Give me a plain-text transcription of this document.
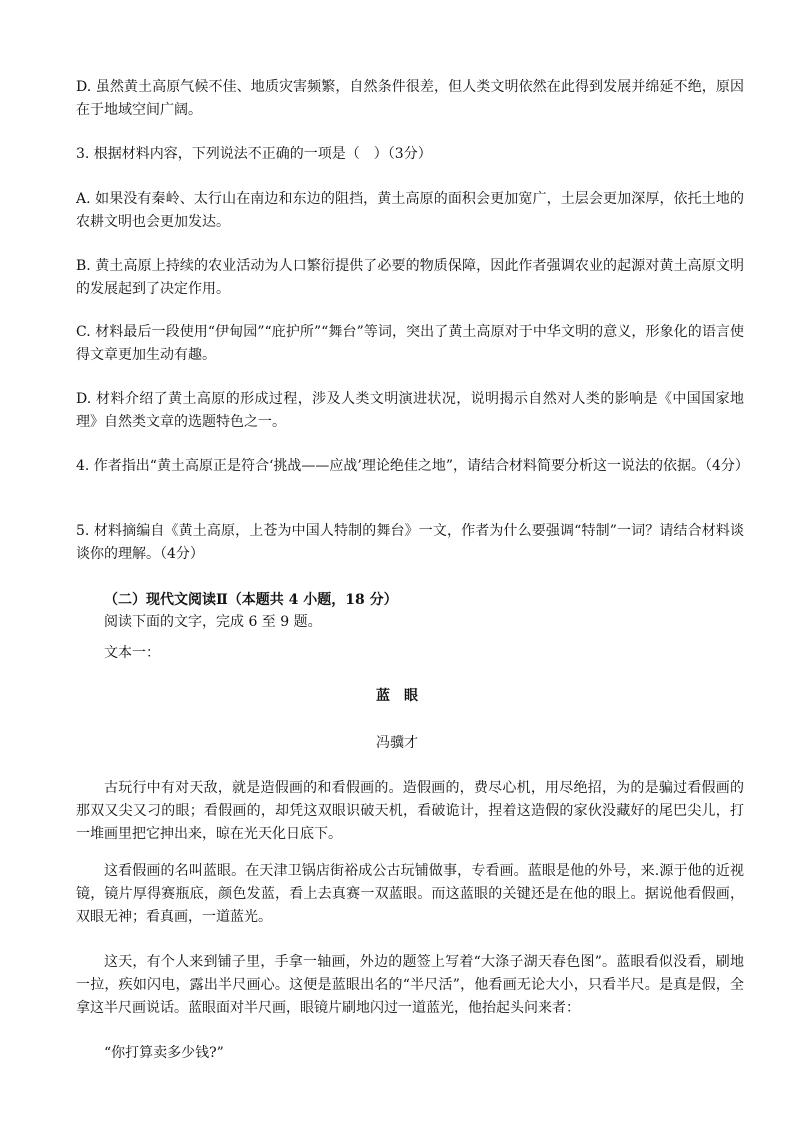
D. 虽然黄土高原气候不佳、地质灾害频繁，自然条件很差，但人类文明依然在此得到发展并绵延不绝，原因在于地域空间广阔。

3. 根据材料内容，下列说法不正确的一项是（　）（3分）

A. 如果没有秦岭、太行山在南边和东边的阻挡，黄土高原的面积会更加宽广，土层会更加深厚，依托土地的农耕文明也会更加发达。

B. 黄土高原上持续的农业活动为人口繁衍提供了必要的物质保障，因此作者强调农业的起源对黄土高原文明的发展起到了决定作用。

C. 材料最后一段使用“伊甸园”“庇护所”“舞台”等词，突出了黄土高原对于中华文明的意义，形象化的语言使得文章更加生动有趣。

D. 材料介绍了黄土高原的形成过程，涉及人类文明演进状况，说明揭示自然对人类的影响是《中国国家地理》自然类文章的选题特色之一。

4. 作者指出“黄土高原正是符合‘挑战——应战’理论绝佳之地”，请结合材料简要分析这一说法的依据。（4分）

5. 材料摘编自《黄土高原，上苍为中国人特制的舞台》一文，作者为什么要强调“特制”一词？请结合材料谈谈你的理解。（4分）

（二）现代文阅读Ⅱ（本题共 4 小题，18 分）

阅读下面的文字，完成 6 至 9 题。

文本一：

蓝　眼

冯骥才

古玩行中有对天敌，就是造假画的和看假画的。造假画的，费尽心机，用尽绝招，为的是骗过看假画的那双又尖又刁的眼；看假画的，却凭这双眼识破天机，看破诡计，捏着这造假的家伙没藏好的尾巴尖儿，打一堆画里把它抻出来，晾在光天化日底下。

这看假画的名叫蓝眼。在天津卫锅店街裕成公古玩铺做事，专看画。蓝眼是他的外号，来.源于他的近视镜，镜片厚得赛瓶底，颜色发蓝，看上去真赛一双蓝眼。而这蓝眼的关键还是在他的眼上。据说他看假画，双眼无神；看真画，一道蓝光。

这天，有个人来到铺子里，手拿一轴画，外边的题签上写着“大涤子湖天春色图”。蓝眼看似没看，刷地一拉，疾如闪电，露出半尺画心。这便是蓝眼出名的“半尺活”，他看画无论大小，只看半尺。是真是假，全拿这半尺画说话。蓝眼面对半尺画，眼镜片刷地闪过一道蓝光，他抬起头问来者：

“你打算卖多少钱?”
